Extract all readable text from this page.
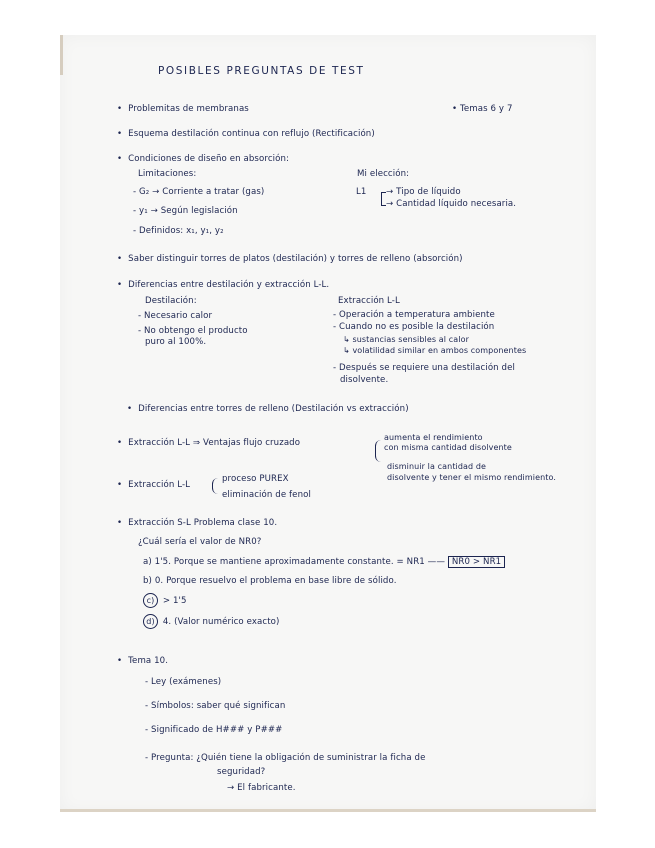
POSIBLES PREGUNTAS DE TEST
• Problemitas de membranas	• Temas 6 y 7
• Esquema destilación continua con reflujo (Rectificación)
• Condiciones de diseño en absorción:
Limitaciones:
- G₂ → Corriente a tratar (gas)
- y₁ → Según legislación
- Definidos: x₁, y₁, y₂
Mi elección:
L1 → Tipo de líquido
→ Cantidad líquido necesaria.
• Saber distinguir torres de platos (destilación) y torres de relleno (absorción)
• Diferencias entre destilación y extracción L-L.
Destilación:
- Necesario calor
- No obtengo el producto
puro al 100%.
Extracción L-L
- Operación a temperatura ambiente
- Cuando no es posible la destilación
↳ sustancias sensibles al calor
↳ volatilidad similar en ambos componentes
- Después se requiere una destilación del
disolvente.
• Diferencias entre torres de relleno (Destilación vs extracción)
• Extracción L-L ⇒ Ventajas flujo cruzado
aumenta el rendimiento
con misma cantidad disolvente
disminuir la cantidad de
disolvente y tener el mismo rendimiento.
• Extracción L-L
proceso PUREX
eliminación de fenol
• Extracción S-L Problema clase 10.
¿Cuál sería el valor de NR0?
a) 1'5. Porque se mantiene aproximadamente constante. = NR1 —— NR0 > NR1
b) 0. Porque resuelvo el problema en base libre de sólido.
c) > 1'5
d) 4. (Valor numérico exacto)
• Tema 10.
- Ley (exámenes)
- Símbolos: saber qué significan
- Significado de H### y P###
- Pregunta: ¿Quién tiene la obligación de suministrar la ficha de
seguridad?
→ El fabricante.
